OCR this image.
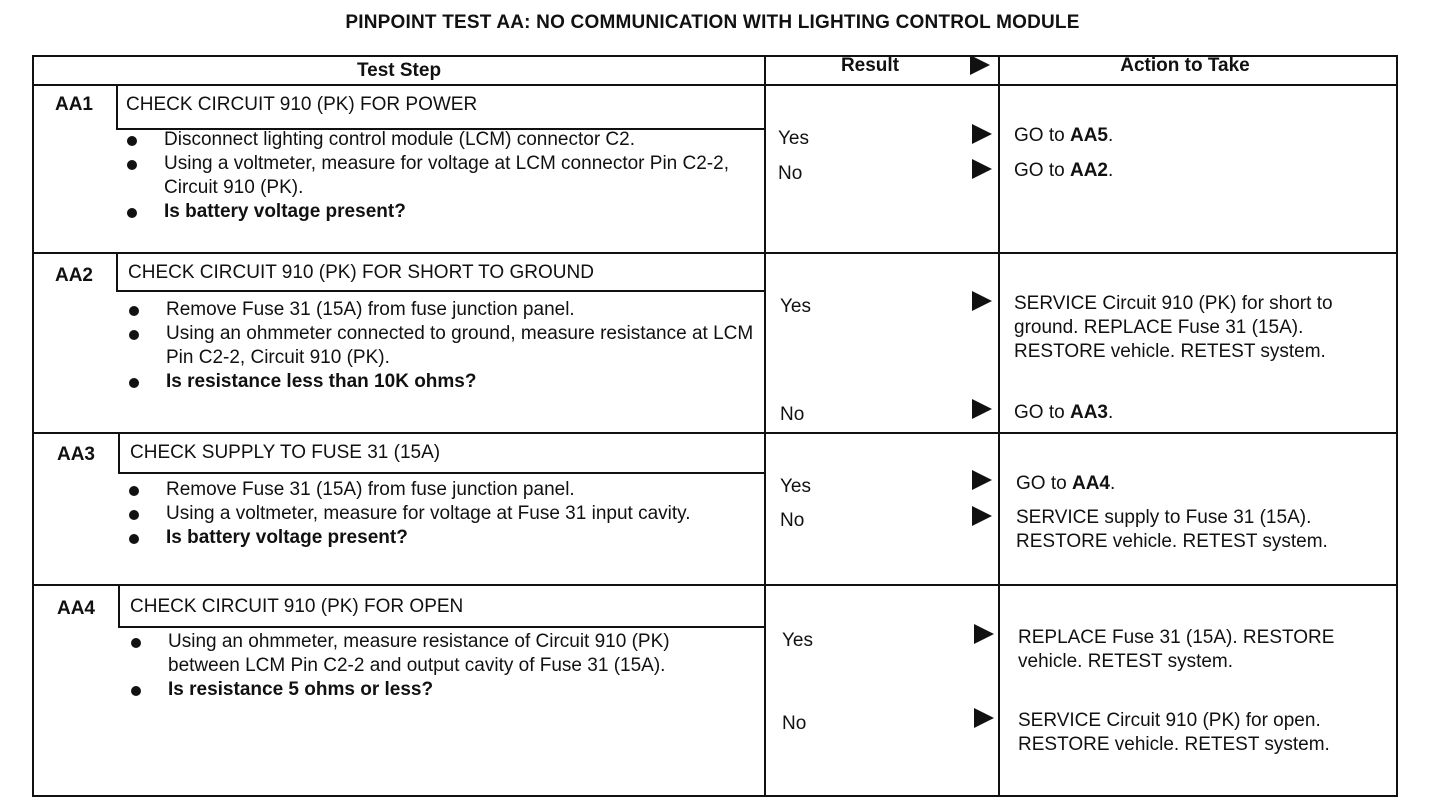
PINPOINT TEST AA: NO COMMUNICATION WITH LIGHTING CONTROL MODULE
Test Step	Result	Action to Take
AA1	CHECK CIRCUIT 910 (PK) FOR POWER
Disconnect lighting control module (LCM) connector C2.
Using a voltmeter, measure for voltage at LCM connector Pin C2-2, Circuit 910 (PK).
Is battery voltage present?
Yes	GO to AA5.
No	GO to AA2.
AA2	CHECK CIRCUIT 910 (PK) FOR SHORT TO GROUND
Remove Fuse 31 (15A) from fuse junction panel.
Using an ohmmeter connected to ground, measure resistance at LCM Pin C2-2, Circuit 910 (PK).
Is resistance less than 10K ohms?
Yes	SERVICE Circuit 910 (PK) for short to ground. REPLACE Fuse 31 (15A). RESTORE vehicle. RETEST system.
No	GO to AA3.
AA3	CHECK SUPPLY TO FUSE 31 (15A)
Remove Fuse 31 (15A) from fuse junction panel.
Using a voltmeter, measure for voltage at Fuse 31 input cavity.
Is battery voltage present?
Yes	GO to AA4.
No	SERVICE supply to Fuse 31 (15A). RESTORE vehicle. RETEST system.
AA4	CHECK CIRCUIT 910 (PK) FOR OPEN
Using an ohmmeter, measure resistance of Circuit 910 (PK) between LCM Pin C2-2 and output cavity of Fuse 31 (15A).
Is resistance 5 ohms or less?
Yes	REPLACE Fuse 31 (15A). RESTORE vehicle. RETEST system.
No	SERVICE Circuit 910 (PK) for open. RESTORE vehicle. RETEST system.
